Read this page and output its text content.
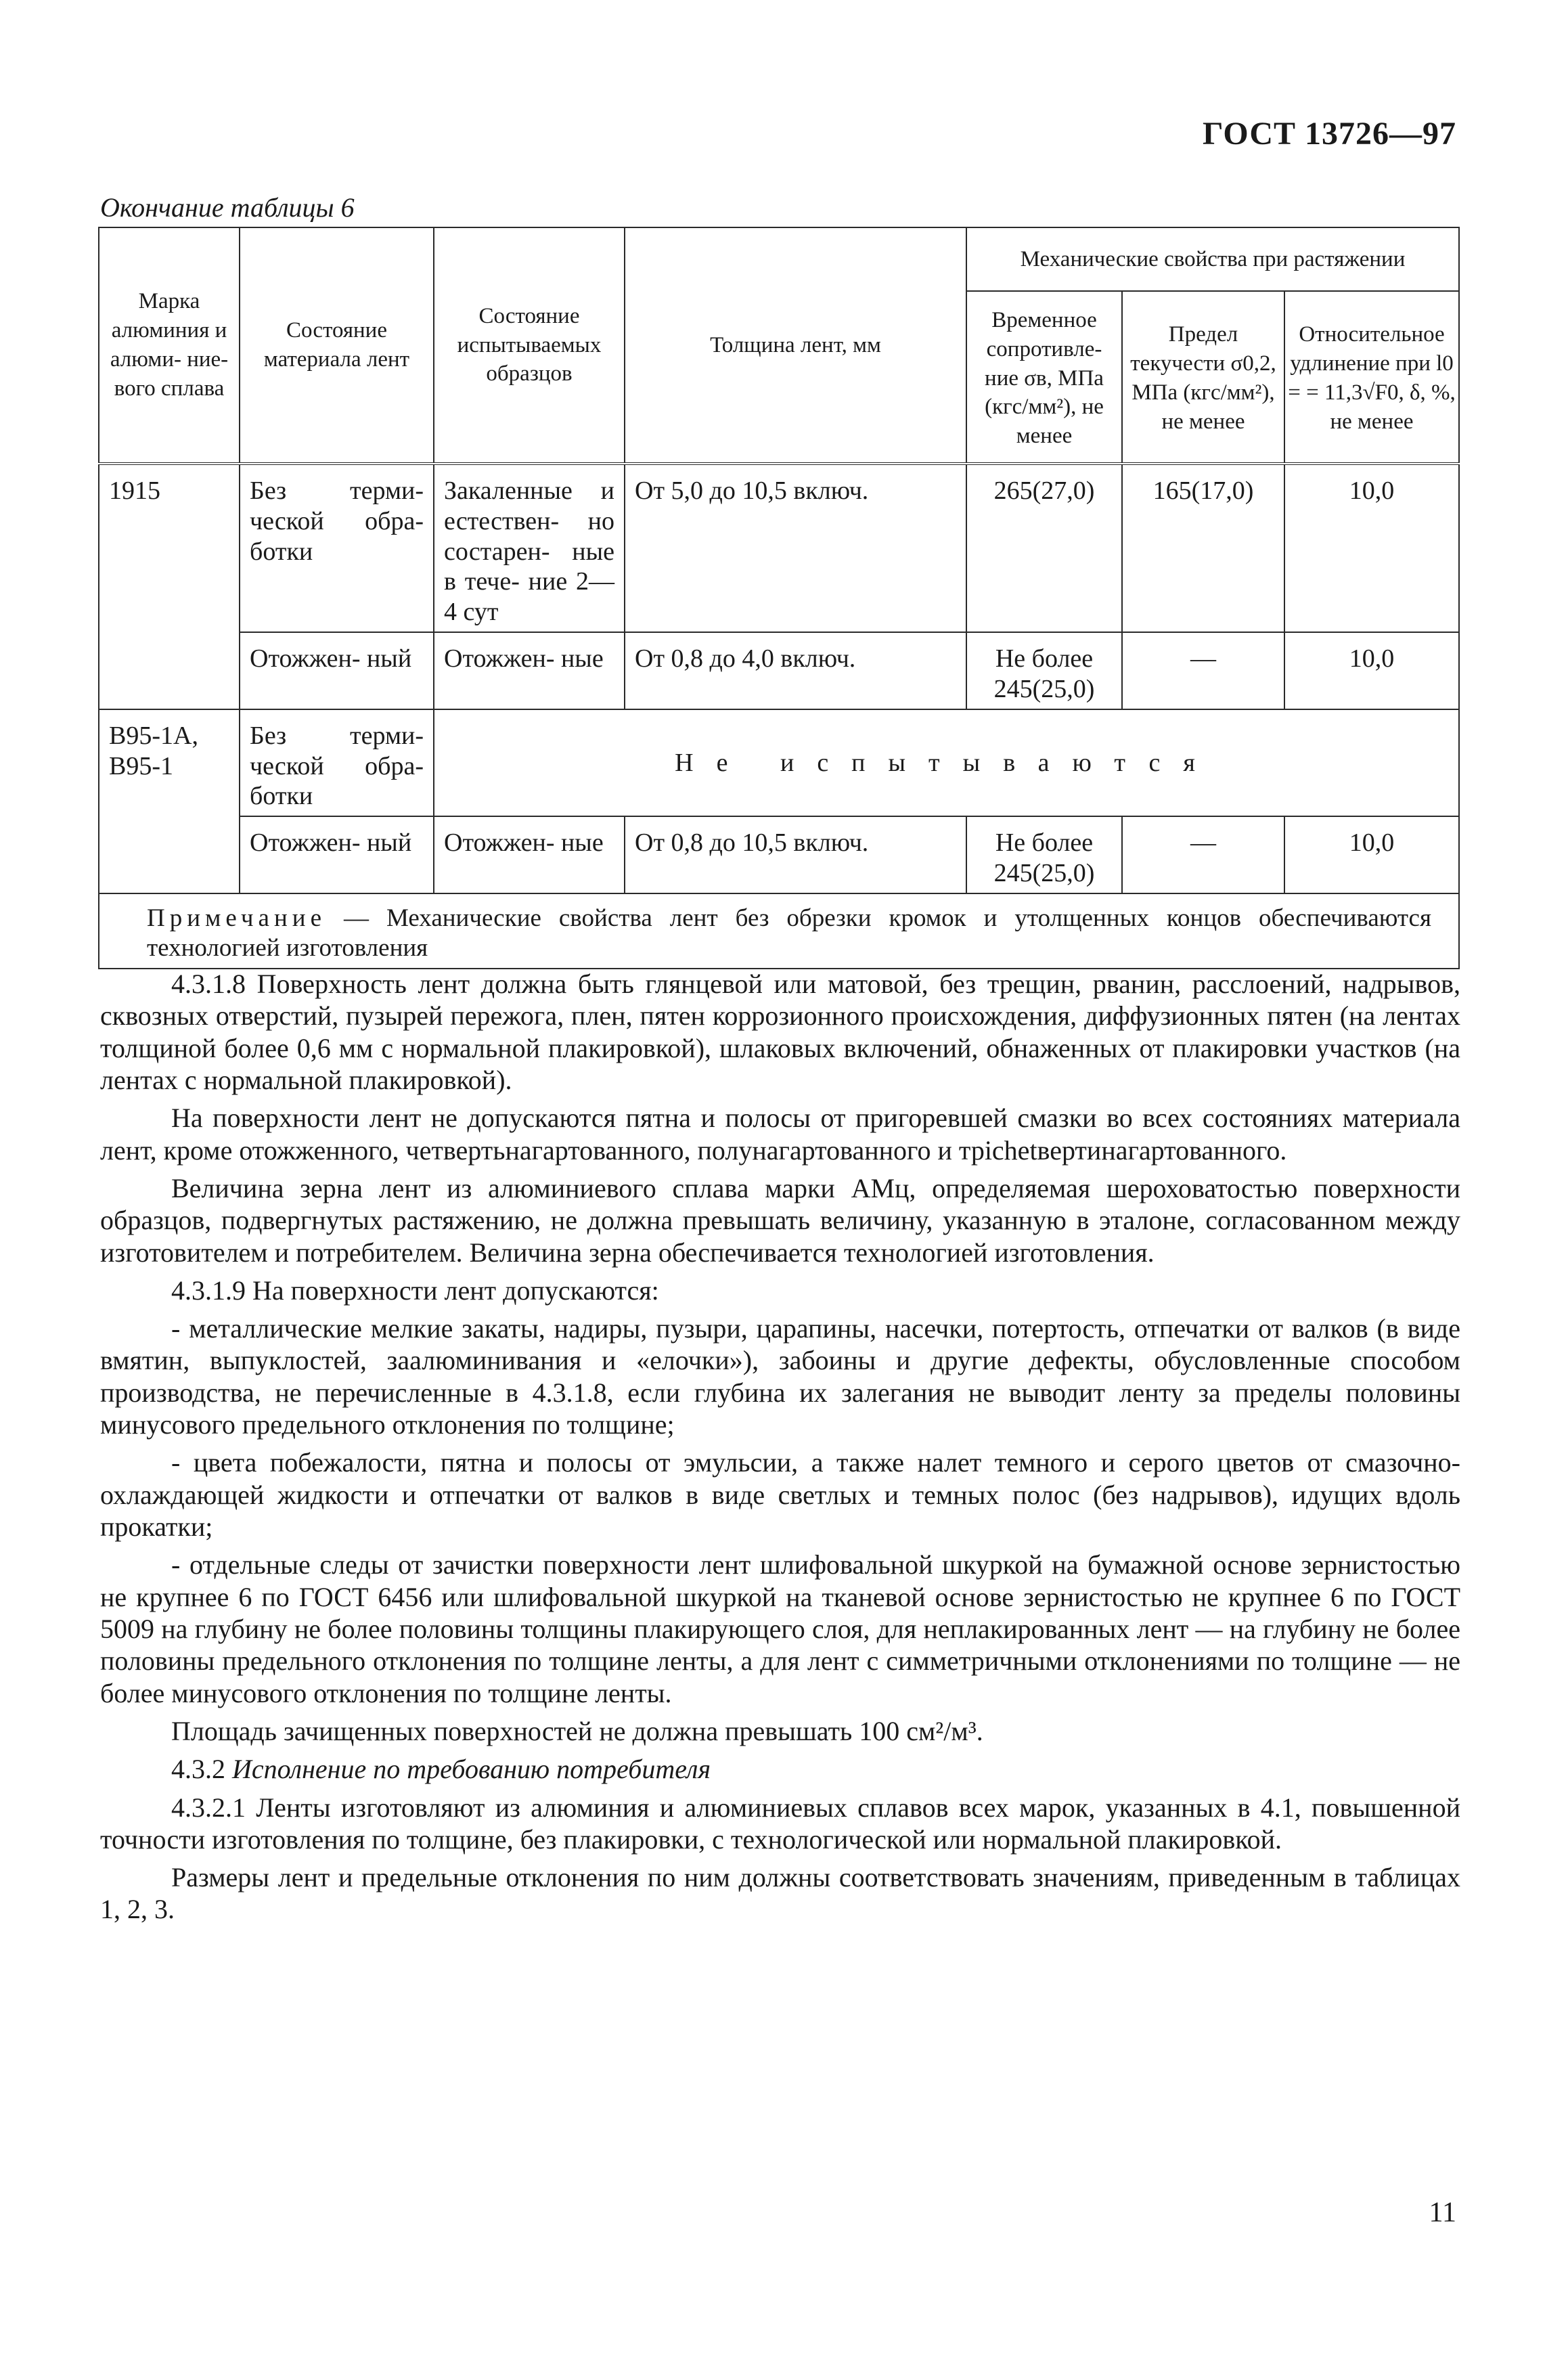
ГОСТ 13726—97
Окончание таблицы 6
Марка алюминия и алюми- ние- вого сплава	Состояние материала лент	Состояние испытываемых образцов	Толщина лент, мм	Механические свойства при растяжении		
				Временное сопротивле- ние σв, МПа (кгс/мм²), не менее	Предел текучести σ0,2, МПа (кгс/мм²), не менее	Относительное удлинение при l0 = = 11,3√F0, δ, %, не менее
1915	Без терми- ческой обра- ботки	Закаленные и естествен- но состарен- ные в тече- ние 2—4 сут	От 5,0 до 10,5 включ.	265(27,0)	165(17,0)	10,0
	Отожжен- ный	Отожжен- ные	От 0,8 до 4,0 включ.	Не более 245(25,0)	—	10,0
В95-1А, В95-1	Без терми- ческой обра- ботки	Не испытываются				
	Отожжен- ный	Отожжен- ные	От 0,8 до 10,5 включ.	Не более 245(25,0)	—	10,0
Примечание — Механические свойства лент без обрезки кромок и утолщенных концов обеспечиваются технологией изготовления						

4.3.1.8 Поверхность лент должна быть глянцевой или матовой, без трещин, рванин, расслоений, надрывов, сквозных отверстий, пузырей пережога, плен, пятен коррозионного происхождения, диффузионных пятен (на лентах толщиной более 0,6 мм с нормальной плакировкой), шлаковых включений, обнаженных от плакировки участков (на лентах с нормальной плакировкой).

На поверхности лент не допускаются пятна и полосы от пригоревшей смазки во всех состояниях материала лент, кроме отожженного, четвертьнагартованного, полунагартованного и трichetвертинагартованного.

Величина зерна лент из алюминиевого сплава марки АМц, определяемая шероховатостью поверхности образцов, подвергнутых растяжению, не должна превышать величину, указанную в эталоне, согласованном между изготовителем и потребителем. Величина зерна обеспечивается технологией изготовления.

4.3.1.9 На поверхности лент допускаются:

- металлические мелкие закаты, надиры, пузыри, царапины, насечки, потертость, отпечатки от валков (в виде вмятин, выпуклостей, заалюминивания и «елочки»), забоины и другие дефекты, обусловленные способом производства, не перечисленные в 4.3.1.8, если глубина их залегания не выводит ленту за пределы половины минусового предельного отклонения по толщине;

- цвета побежалости, пятна и полосы от эмульсии, а также налет темного и серого цветов от смазочно-охлаждающей жидкости и отпечатки от валков в виде светлых и темных полос (без надрывов), идущих вдоль прокатки;

- отдельные следы от зачистки поверхности лент шлифовальной шкуркой на бумажной основе зернистостью не крупнее 6 по ГОСТ 6456 или шлифовальной шкуркой на тканевой основе зернистостью не крупнее 6 по ГОСТ 5009 на глубину не более половины толщины плакирующего слоя, для неплакированных лент — на глубину не более половины предельного отклонения по толщине ленты, а для лент с симметричными отклонениями по толщине — не более минусового отклонения по толщине ленты.

Площадь зачищенных поверхностей не должна превышать 100 см²/м³.

4.3.2 Исполнение по требованию потребителя

4.3.2.1 Ленты изготовляют из алюминия и алюминиевых сплавов всех марок, указанных в 4.1, повышенной точности изготовления по толщине, без плакировки, с технологической или нормальной плакировкой.

Размеры лент и предельные отклонения по ним должны соответствовать значениям, приведенным в таблицах 1, 2, 3.

11
